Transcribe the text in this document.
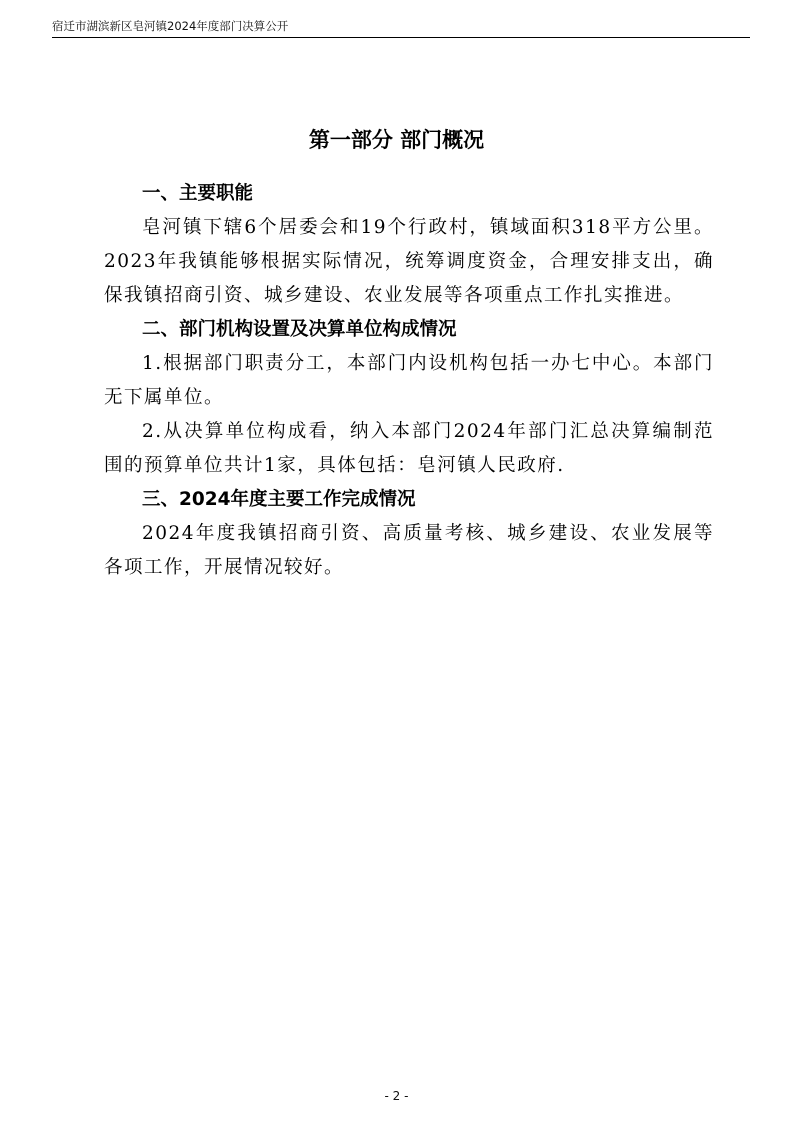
宿迁市湖滨新区皂河镇2024年度部门决算公开
第一部分 部门概况
一、主要职能
皂河镇下辖6个居委会和19个行政村，镇域面积318平方公里。2023年我镇能够根据实际情况，统筹调度资金，合理安排支出，确保我镇招商引资、城乡建设、农业发展等各项重点工作扎实推进。
二、部门机构设置及决算单位构成情况
1.根据部门职责分工，本部门内设机构包括一办七中心。本部门无下属单位。
2.从决算单位构成看，纳入本部门2024年部门汇总决算编制范围的预算单位共计1家，具体包括：皂河镇人民政府.
三、2024年度主要工作完成情况
2024年度我镇招商引资、高质量考核、城乡建设、农业发展等各项工作，开展情况较好。
- 2 -
